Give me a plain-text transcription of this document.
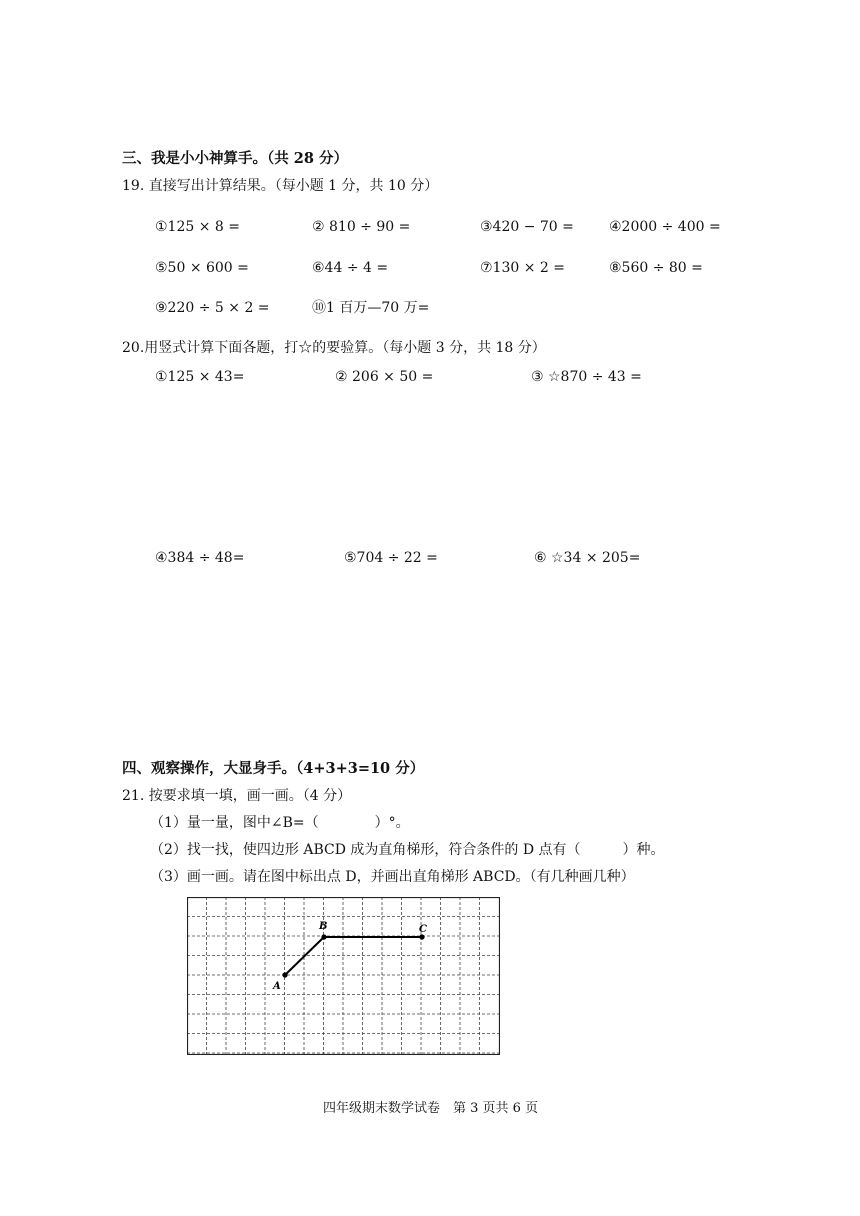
三、我是小小神算手。（共 28 分）
19. 直接写出计算结果。（每小题 1 分，共 10 分）
①125 × 8 =	② 810 ÷ 90 =	③420 − 70 =	④2000 ÷ 400 =
⑤50 × 600 =	⑥44 ÷ 4 =	⑦130 × 2 =	⑧560 ÷ 80 =
⑨220 ÷ 5 × 2 =	⑩1 百万—70 万=
20.用竖式计算下面各题，打☆的要验算。（每小题 3 分，共 18 分）
①125 × 43=	② 206 × 50 =	③ ☆870 ÷ 43 =
④384 ÷ 48=	⑤704 ÷ 22 =	⑥ ☆34 × 205=
四、观察操作，大显身手。（4+3+3=10 分）
21. 按要求填一填，画一画。（4 分）
（1）量一量，图中∠B=（　　　　）°。
（2）找一找，使四边形 ABCD 成为直角梯形，符合条件的 D 点有（　　　）种。
（3）画一画。请在图中标出点 D，并画出直角梯形 ABCD。（有几种画几种）
A
B	C
四年级期末数学试卷　第 3 页共 6 页
